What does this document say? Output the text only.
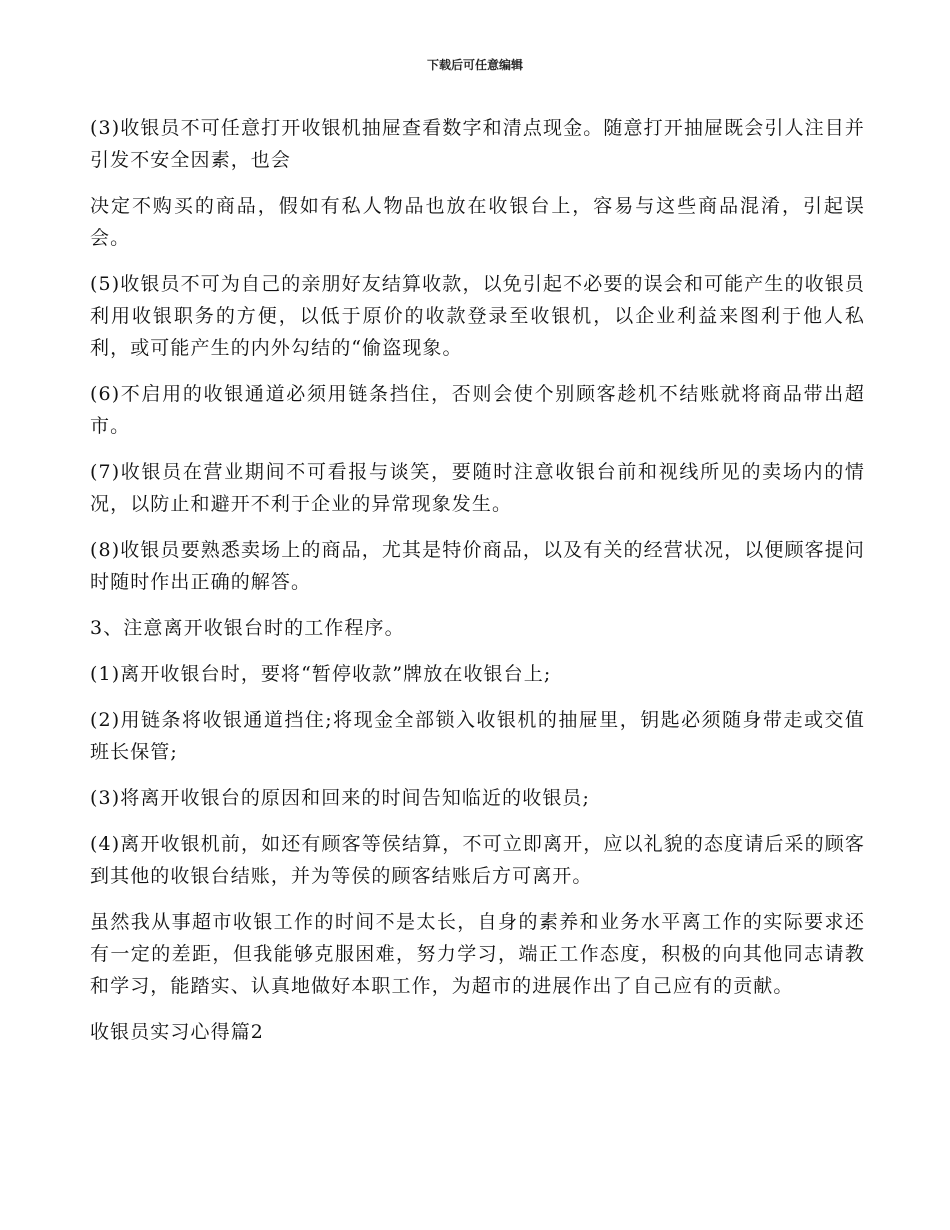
下载后可任意编辑

(3)收银员不可任意打开收银机抽屉查看数字和清点现金。随意打开抽屉既会引人注目并引发不安全因素，也会

决定不购买的商品，假如有私人物品也放在收银台上，容易与这些商品混淆，引起误会。

(5)收银员不可为自己的亲朋好友结算收款，以免引起不必要的误会和可能产生的收银员利用收银职务的方便，以低于原价的收款登录至收银机，以企业利益来图利于他人私利，或可能产生的内外勾结的“偷盗现象。

(6)不启用的收银通道必须用链条挡住，否则会使个别顾客趁机不结账就将商品带出超市。

(7)收银员在营业期间不可看报与谈笑，要随时注意收银台前和视线所见的卖场内的情况，以防止和避开不利于企业的异常现象发生。

(8)收银员要熟悉卖场上的商品，尤其是特价商品，以及有关的经营状况，以便顾客提问时随时作出正确的解答。

3、注意离开收银台时的工作程序。

(1)离开收银台时，要将“暂停收款”牌放在收银台上;

(2)用链条将收银通道挡住;将现金全部锁入收银机的抽屉里，钥匙必须随身带走或交值班长保管;

(3)将离开收银台的原因和回来的时间告知临近的收银员;

(4)离开收银机前，如还有顾客等侯结算，不可立即离开，应以礼貌的态度请后采的顾客到其他的收银台结账，并为等侯的顾客结账后方可离开。

虽然我从事超市收银工作的时间不是太长，自身的素养和业务水平离工作的实际要求还有一定的差距，但我能够克服困难，努力学习，端正工作态度，积极的向其他同志请教和学习，能踏实、认真地做好本职工作，为超市的进展作出了自己应有的贡献。

收银员实习心得篇2
